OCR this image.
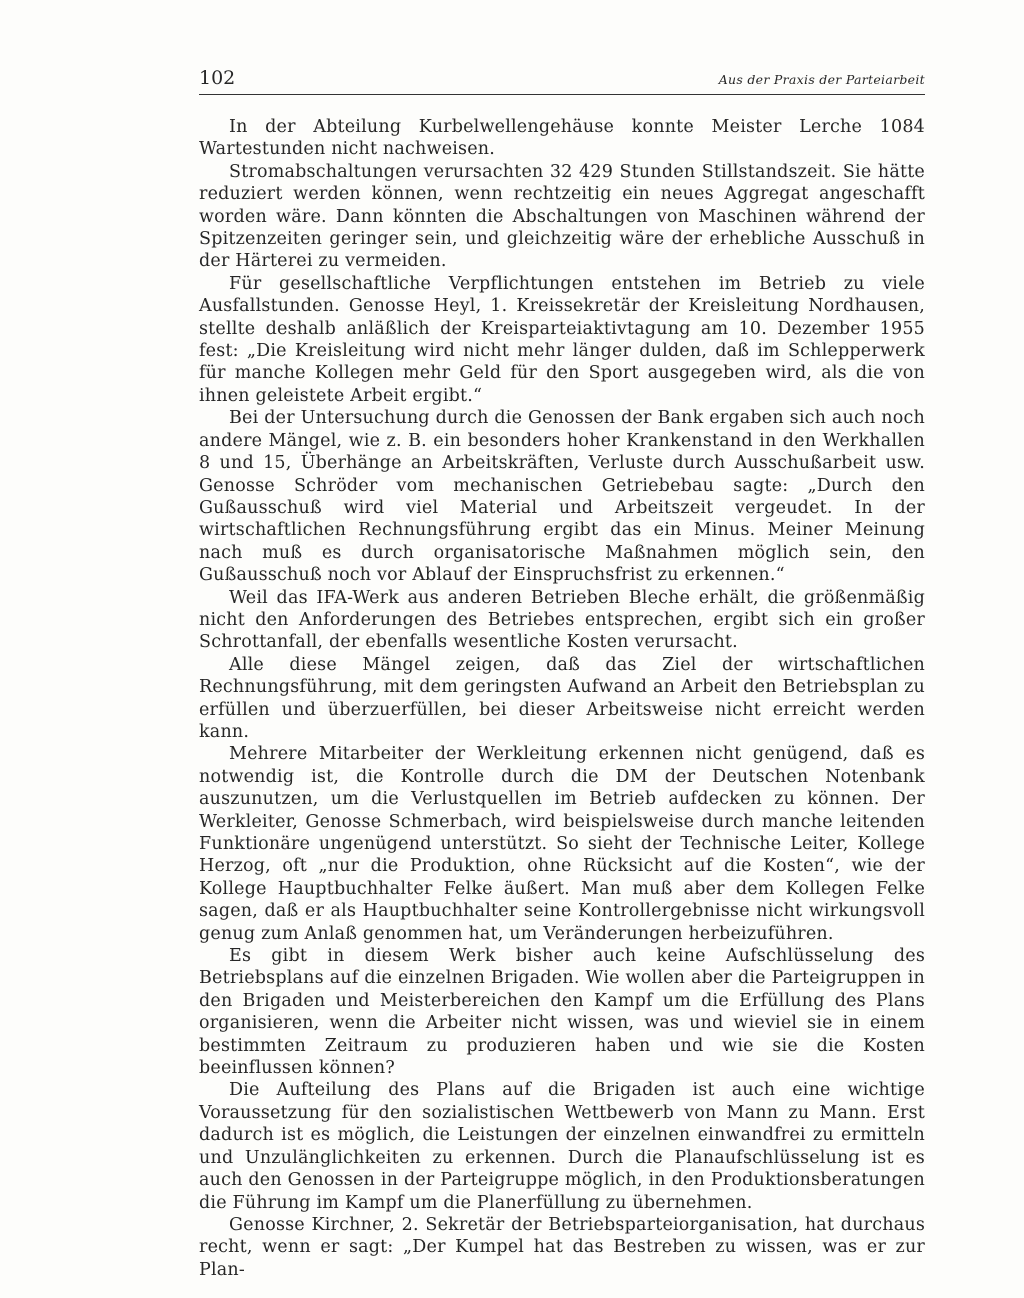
102	Aus der Praxis der Parteiarbeit

In der Abteilung Kurbelwellengehäuse konnte Meister Lerche 1084 Wartestunden nicht nachweisen.

Stromabschaltungen verursachten 32 429 Stunden Stillstandszeit. Sie hätte reduziert werden können, wenn rechtzeitig ein neues Aggregat angeschafft worden wäre. Dann könnten die Abschaltungen von Maschinen während der Spitzenzeiten geringer sein, und gleichzeitig wäre der erhebliche Ausschuß in der Härterei zu vermeiden.

Für gesellschaftliche Verpflichtungen entstehen im Betrieb zu viele Ausfallstunden. Genosse Heyl, 1. Kreissekretär der Kreisleitung Nordhausen, stellte deshalb anläßlich der Kreisparteiaktivtagung am 10. Dezember 1955 fest: „Die Kreisleitung wird nicht mehr länger dulden, daß im Schlepperwerk für manche Kollegen mehr Geld für den Sport ausgegeben wird, als die von ihnen geleistete Arbeit ergibt.“

Bei der Untersuchung durch die Genossen der Bank ergaben sich auch noch andere Mängel, wie z. B. ein besonders hoher Krankenstand in den Werkhallen 8 und 15, Überhänge an Arbeitskräften, Verluste durch Ausschußarbeit usw. Genosse Schröder vom mechanischen Getriebebau sagte: „Durch den Gußausschuß wird viel Material und Arbeitszeit vergeudet. In der wirtschaftlichen Rechnungsführung ergibt das ein Minus. Meiner Meinung nach muß es durch organisatorische Maßnahmen möglich sein, den Gußausschuß noch vor Ablauf der Einspruchsfrist zu erkennen.“

Weil das IFA-Werk aus anderen Betrieben Bleche erhält, die größenmäßig nicht den Anforderungen des Betriebes entsprechen, ergibt sich ein großer Schrottanfall, der ebenfalls wesentliche Kosten verursacht.

Alle diese Mängel zeigen, daß das Ziel der wirtschaftlichen Rechnungsführung, mit dem geringsten Aufwand an Arbeit den Betriebsplan zu erfüllen und überzuerfüllen, bei dieser Arbeitsweise nicht erreicht werden kann.

Mehrere Mitarbeiter der Werkleitung erkennen nicht genügend, daß es notwendig ist, die Kontrolle durch die DM der Deutschen Notenbank auszunutzen, um die Verlustquellen im Betrieb aufdecken zu können. Der Werkleiter, Genosse Schmerbach, wird beispielsweise durch manche leitenden Funktionäre ungenügend unterstützt. So sieht der Technische Leiter, Kollege Herzog, oft „nur die Produktion, ohne Rücksicht auf die Kosten“, wie der Kollege Hauptbuchhalter Felke äußert. Man muß aber dem Kollegen Felke sagen, daß er als Hauptbuchhalter seine Kontrollergebnisse nicht wirkungsvoll genug zum Anlaß genommen hat, um Veränderungen herbeizuführen.

Es gibt in diesem Werk bisher auch keine Aufschlüsselung des Betriebsplans auf die einzelnen Brigaden. Wie wollen aber die Parteigruppen in den Brigaden und Meisterbereichen den Kampf um die Erfüllung des Plans organisieren, wenn die Arbeiter nicht wissen, was und wieviel sie in einem bestimmten Zeitraum zu produzieren haben und wie sie die Kosten beeinflussen können?

Die Aufteilung des Plans auf die Brigaden ist auch eine wichtige Voraussetzung für den sozialistischen Wettbewerb von Mann zu Mann. Erst dadurch ist es möglich, die Leistungen der einzelnen einwandfrei zu ermitteln und Unzulänglichkeiten zu erkennen. Durch die Planaufschlüsselung ist es auch den Genossen in der Parteigruppe möglich, in den Produktionsberatungen die Führung im Kampf um die Planerfüllung zu übernehmen.

Genosse Kirchner, 2. Sekretär der Betriebsparteiorganisation, hat durchaus recht, wenn er sagt: „Der Kumpel hat das Bestreben zu wissen, was er zur Plan-
